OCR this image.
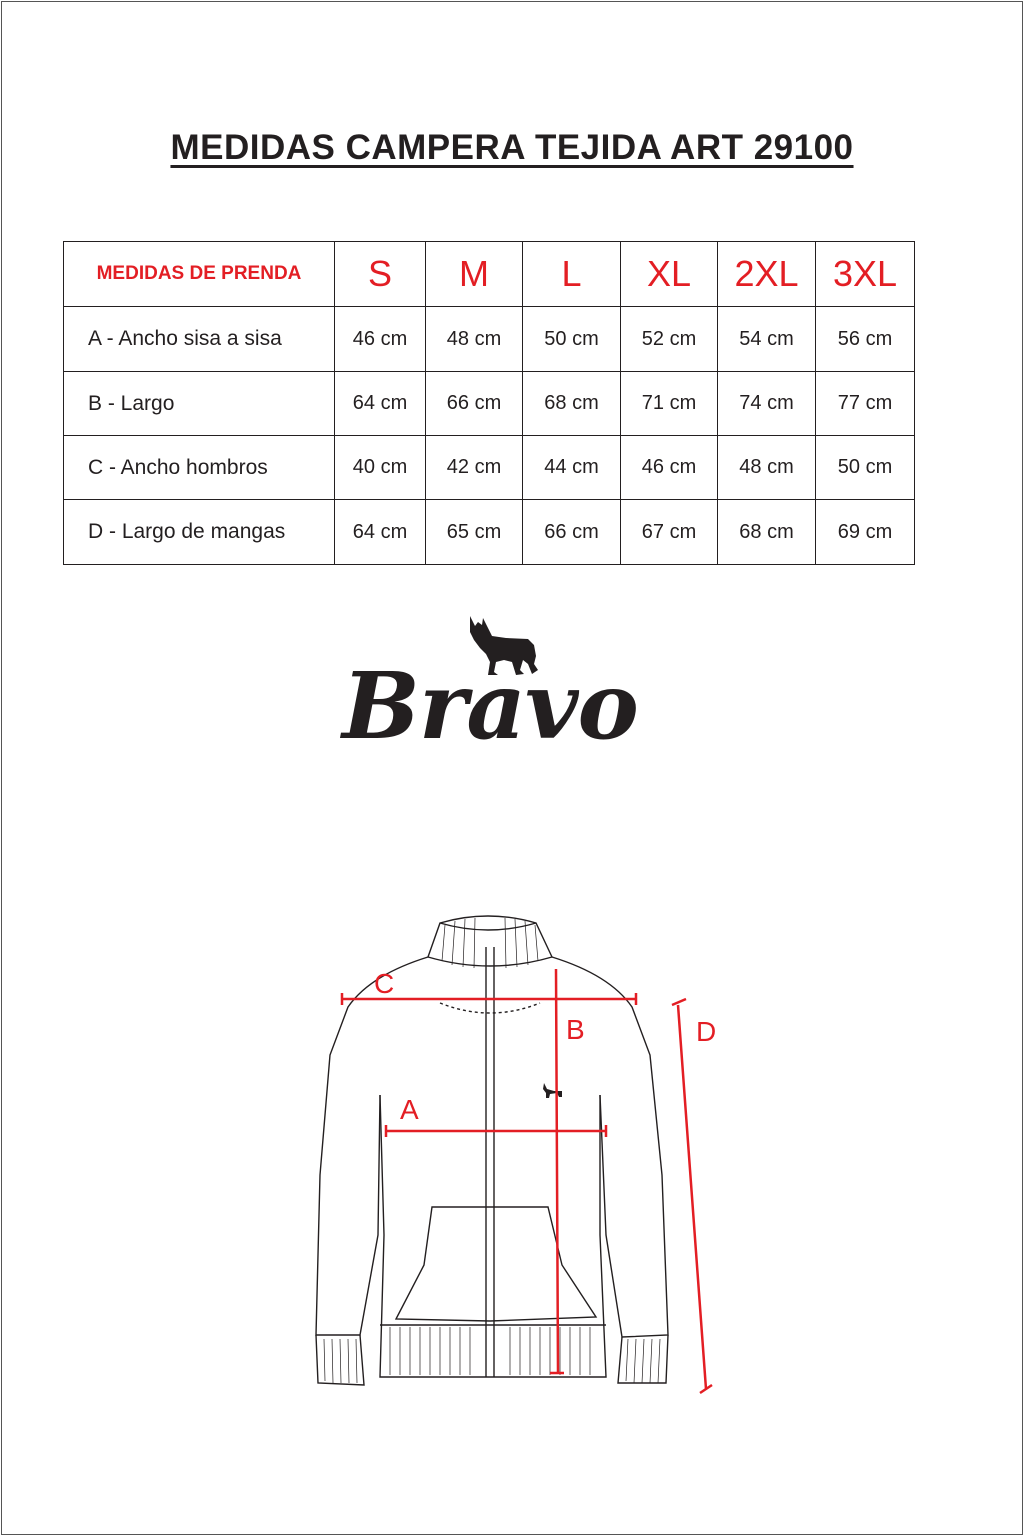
MEDIDAS CAMPERA TEJIDA ART 29100
MEDIDAS DE PRENDA	S	M	L	XL	2XL	3XL
A - Ancho sisa a sisa	46 cm	48 cm	50 cm	52 cm	54 cm	56 cm
B - Largo	64 cm	66 cm	68 cm	71 cm	74 cm	77 cm
C - Ancho hombros	40 cm	42 cm	44 cm	46 cm	48 cm	50 cm
D - Largo de mangas	64 cm	65 cm	66 cm	67 cm	68 cm	69 cm
Bravo
C
A
B	D
